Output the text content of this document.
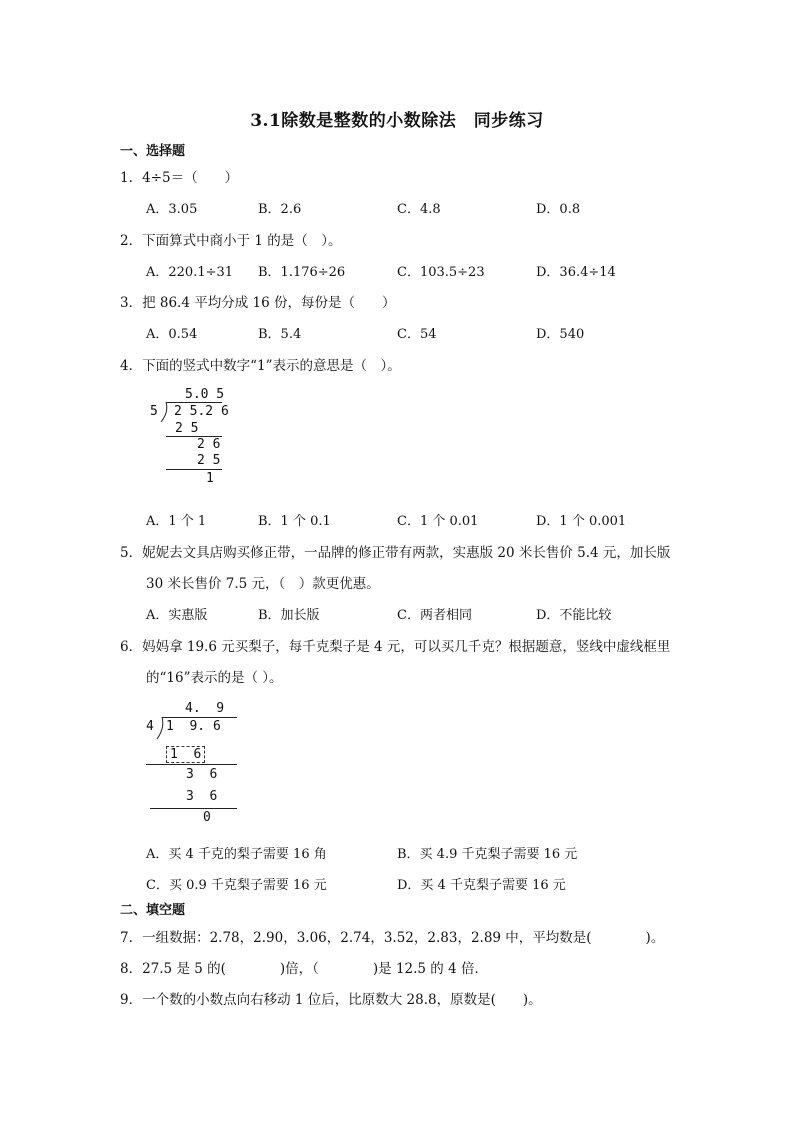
3.1除数是整数的小数除法　同步练习
一、选择题
1．4÷5＝（　　）
A．3.05	B．2.6	C．4.8	D．0.8
2．下面算式中商小于 1 的是（　）。
A．220.1÷31 B．1.176÷26	C．103.5÷23	D．36.4÷14
3．把 86.4 平均分成 16 份，每份是（　　）
A．0.54	B．5.4	C．54	D．540
4．下面的竖式中数字“1”表示的意思是（　）。
5.0 5
5 2 5.2 6
2 5
2 6
2 5
1
A．1 个 1	B．1 个 0.1	C．1 个 0.01	D．1 个 0.001
5．妮妮去文具店购买修正带，一品牌的修正带有两款，实惠版 20 米长售价 5.4 元，加长版
30 米长售价 7.5 元，（　）款更优惠。
A．实惠版	B．加长版	C．两者相同	D．不能比较
6．妈妈拿 19.6 元买梨子，每千克梨子是 4 元，可以买几千克？根据题意，竖线中虚线框里
的“16”表示的是（ ）。
4.  9
4 1  9. 6
1  6
3  6
3  6
0
A．买 4 千克的梨子需要 16 角	B．买 4.9 千克梨子需要 16 元
C．买 0.9 千克梨子需要 16 元	D．买 4 千克梨子需要 16 元
二、填空题
7．一组数据：2.78，2.90，3.06，2.74，3.52，2.83，2.89 中，平均数是(　　　　)。
8．27.5 是 5 的(　　　　)倍，（　　　　)是 12.5 的 4 倍．
9．一个数的小数点向右移动 1 位后，比原数大 28.8，原数是(　　)。
